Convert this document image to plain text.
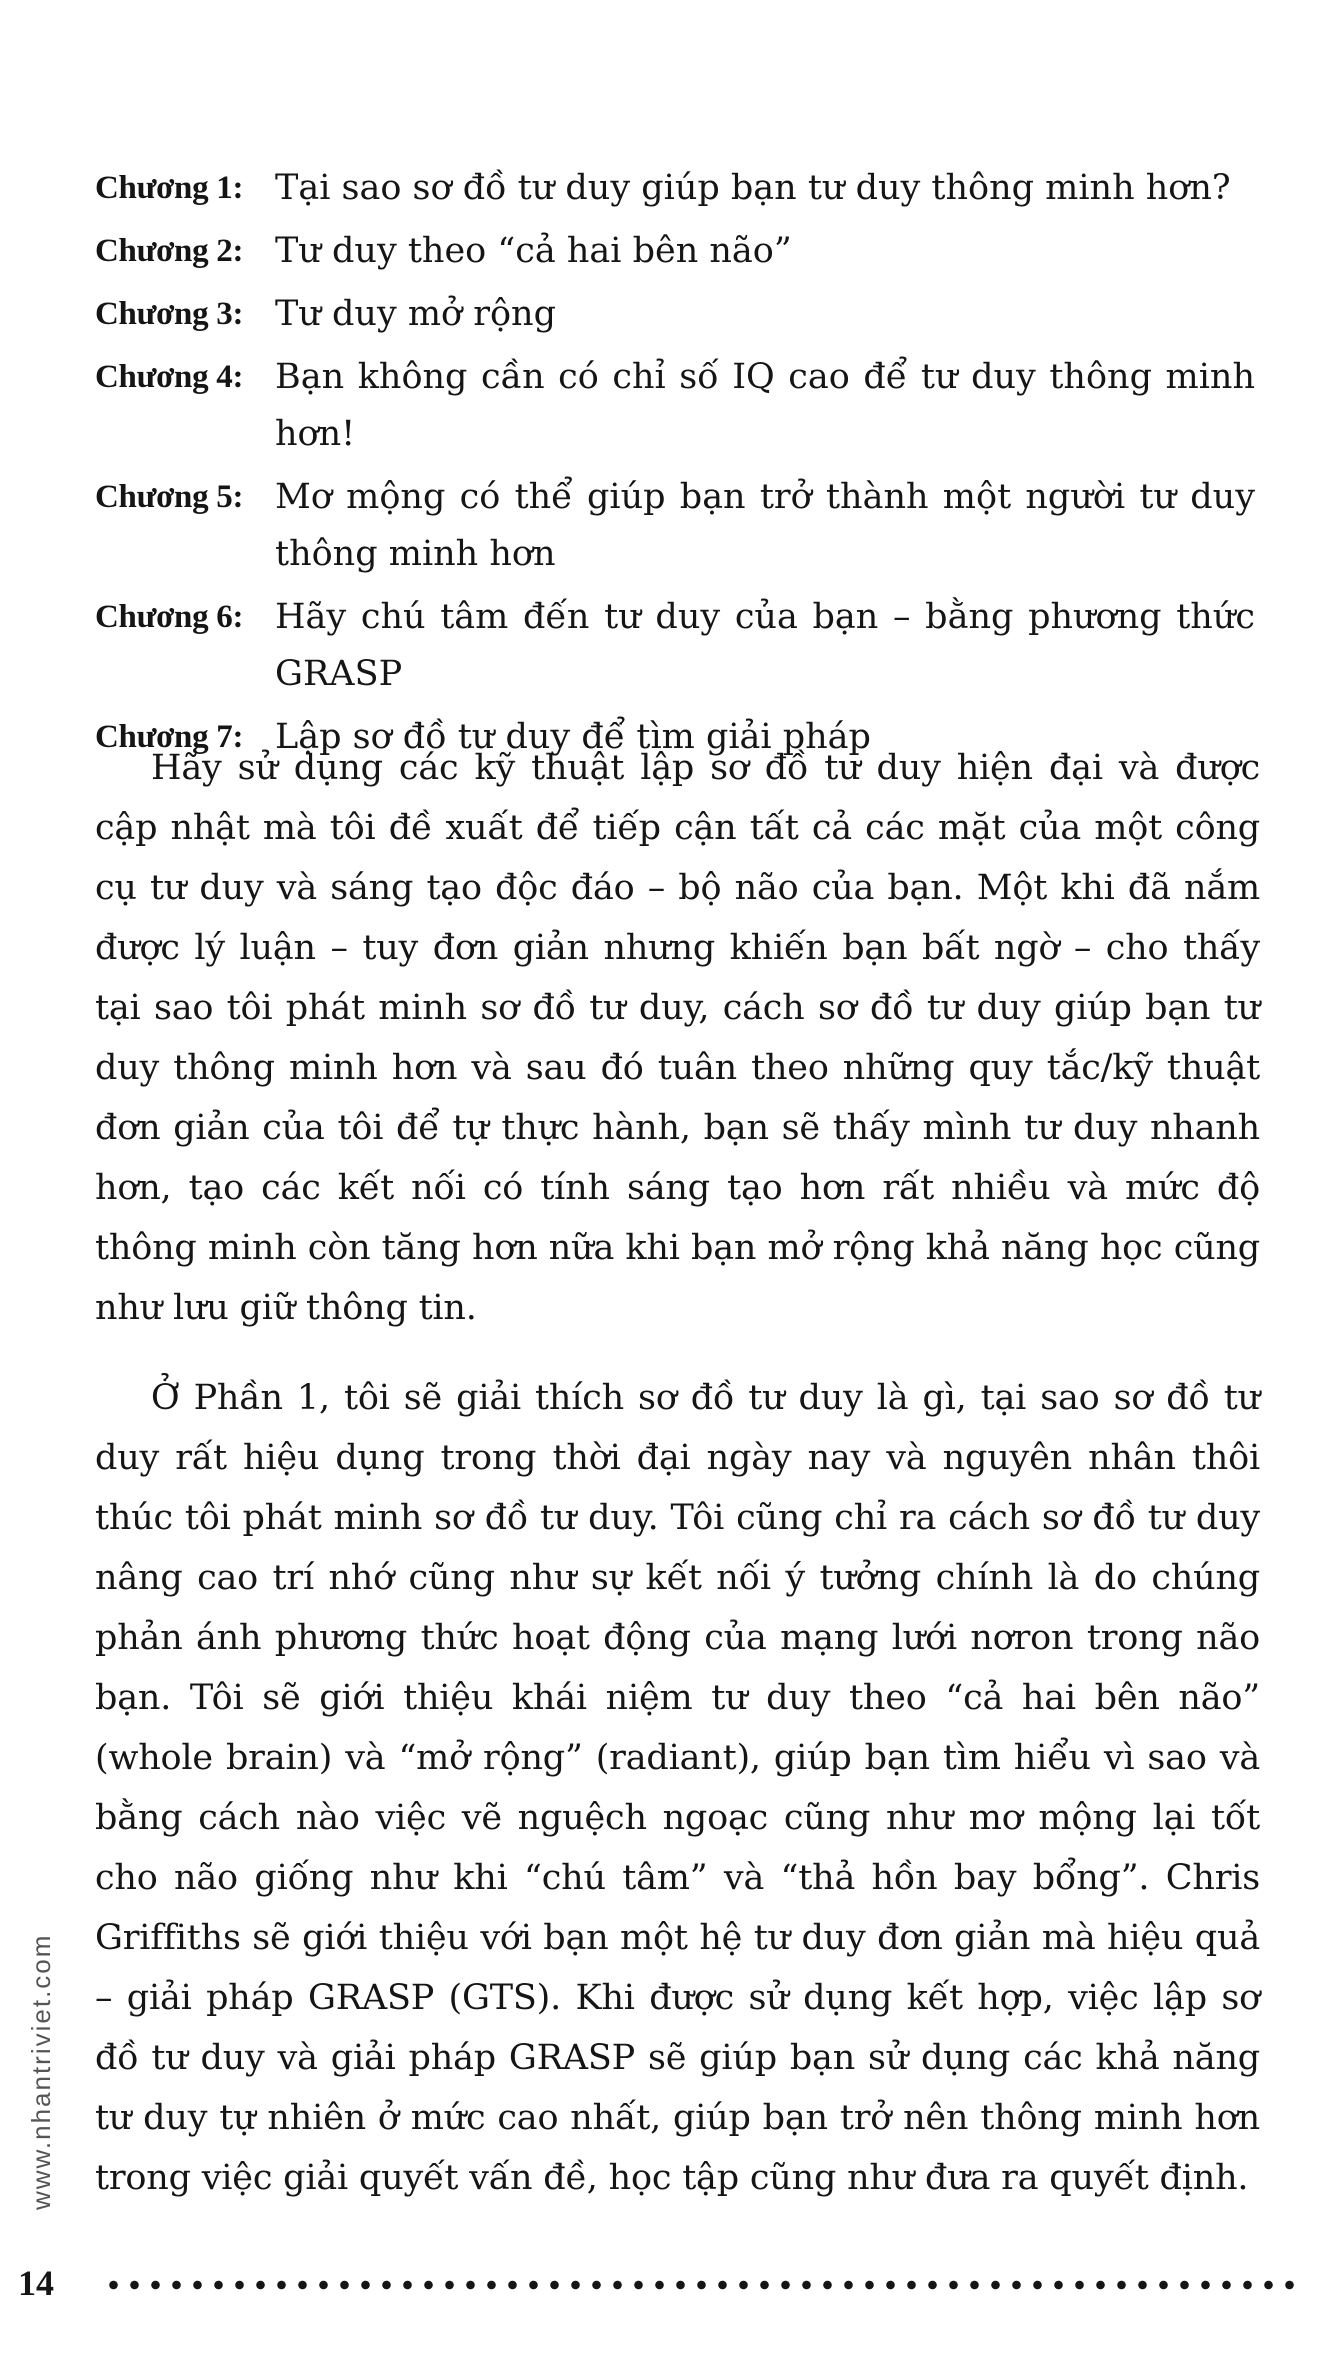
Chương 1: Tại sao sơ đồ tư duy giúp bạn tư duy thông minh hơn?
Chương 2: Tư duy theo “cả hai bên não”
Chương 3: Tư duy mở rộng
Chương 4: Bạn không cần có chỉ số IQ cao để tư duy thông minh hơn!
Chương 5: Mơ mộng có thể giúp bạn trở thành một người tư duy thông minh hơn
Chương 6: Hãy chú tâm đến tư duy của bạn – bằng phương thức GRASP
Chương 7: Lập sơ đồ tư duy để tìm giải pháp

Hãy sử dụng các kỹ thuật lập sơ đồ tư duy hiện đại và được cập nhật mà tôi đề xuất để tiếp cận tất cả các mặt của một công cụ tư duy và sáng tạo độc đáo – bộ não của bạn. Một khi đã nắm được lý luận – tuy đơn giản nhưng khiến bạn bất ngờ – cho thấy tại sao tôi phát minh sơ đồ tư duy, cách sơ đồ tư duy giúp bạn tư duy thông minh hơn và sau đó tuân theo những quy tắc/kỹ thuật đơn giản của tôi để tự thực hành, bạn sẽ thấy mình tư duy nhanh hơn, tạo các kết nối có tính sáng tạo hơn rất nhiều và mức độ thông minh còn tăng hơn nữa khi bạn mở rộng khả năng học cũng như lưu giữ thông tin.

Ở Phần 1, tôi sẽ giải thích sơ đồ tư duy là gì, tại sao sơ đồ tư duy rất hiệu dụng trong thời đại ngày nay và nguyên nhân thôi thúc tôi phát minh sơ đồ tư duy. Tôi cũng chỉ ra cách sơ đồ tư duy nâng cao trí nhớ cũng như sự kết nối ý tưởng chính là do chúng phản ánh phương thức hoạt động của mạng lưới nơron trong não bạn. Tôi sẽ giới thiệu khái niệm tư duy theo “cả hai bên não” (whole brain) và “mở rộng” (radiant), giúp bạn tìm hiểu vì sao và bằng cách nào việc vẽ nguệch ngoạc cũng như mơ mộng lại tốt cho não giống như khi “chú tâm” và “thả hồn bay bổng”. Chris Griffiths sẽ giới thiệu với bạn một hệ tư duy đơn giản mà hiệu quả – giải pháp GRASP (GTS). Khi được sử dụng kết hợp, việc lập sơ đồ tư duy và giải pháp GRASP sẽ giúp bạn sử dụng các khả năng tư duy tự nhiên ở mức cao nhất, giúp bạn trở nên thông minh hơn trong việc giải quyết vấn đề, học tập cũng như đưa ra quyết định.

www.nhantriviet.com
14
